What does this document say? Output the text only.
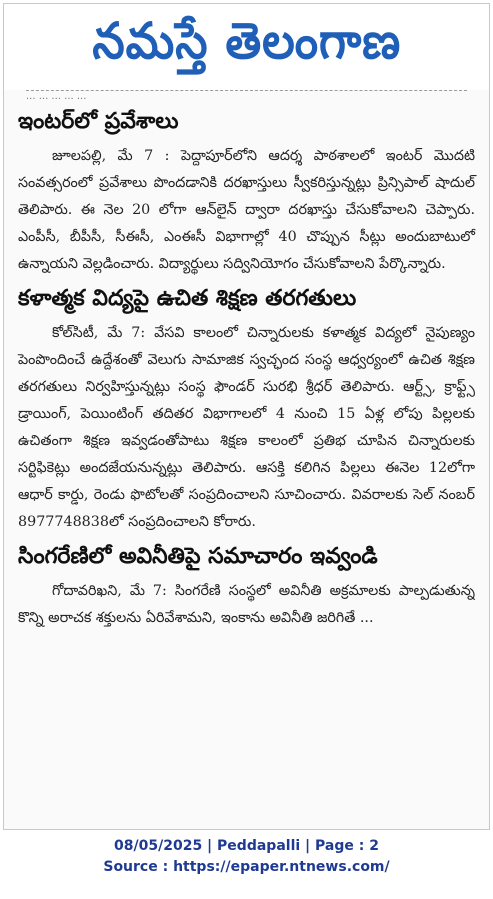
నమస్తే తెలంగాణ
... ... ... ... ...
ఇంటర్‌లో ప్రవేశాలు

జూలపల్లి, మే 7 : పెద్దాపూర్‌లోని ఆదర్శ పాఠశాలలో ఇంటర్ మొదటి సంవత్సరంలో ప్రవేశాలు పొందడానికి దరఖాస్తులు స్వీకరిస్తున్నట్లు ప్రిన్సిపాల్ షాదుల్ తెలిపారు. ఈ నెల 20 లోగా ఆన్‌లైన్ ద్వారా దరఖాస్తు చేసుకోవాలని చెప్పారు. ఎంపీసీ, బీపీసీ, సీఈసీ, ఎంఈసీ విభాగాల్లో 40 చొప్పున సీట్లు అందుబాటులో ఉన్నాయని వెల్లడించారు. విద్యార్థులు సద్వినియోగం చేసుకోవాలని పేర్కొన్నారు.

కళాత్మక విద్యపై ఉచిత శిక్షణ తరగతులు

కోల్‌సిటీ, మే 7: వేసవి కాలంలో చిన్నారులకు కళాత్మక విద్యలో నైపుణ్యం పెంపొందించే ఉద్దేశంతో వెలుగు సామాజిక స్వచ్ఛంద సంస్థ ఆధ్వర్యంలో ఉచిత శిక్షణ తరగతులు నిర్వహిస్తున్నట్లు సంస్థ ఫౌండర్ సురభి శ్రీధర్ తెలిపారు. ఆర్ట్స్, క్రాఫ్ట్స్ డ్రాయింగ్, పెయింటింగ్ తదితర విభాగాలలో 4 నుంచి 15 ఏళ్ల లోపు పిల్లలకు ఉచితంగా శిక్షణ ఇవ్వడంతోపాటు శిక్షణ కాలంలో ప్రతిభ చూపిన చిన్నారులకు సర్టిఫికెట్లు అందజేయనున్నట్లు తెలిపారు. ఆసక్తి కలిగిన పిల్లలు ఈనెల 12లోగా ఆధార్ కార్డు, రెండు ఫొటోలతో సంప్రదించాలని సూచించారు. వివరాలకు సెల్ నంబర్ 8977748838లో సంప్రదించాలని కోరారు.

సింగరేణిలో అవినీతిపై సమాచారం ఇవ్వండి

గోదావరిఖని, మే 7: సింగరేణి సంస్థలో అవినీతి అక్రమాలకు పాల్పడుతున్న కొన్ని అరాచక శక్తులను ఏరివేశామని, ఇంకాను అవినీతి జరిగితే ...

08/05/2025 | Peddapalli | Page : 2
Source : https://epaper.ntnews.com/
